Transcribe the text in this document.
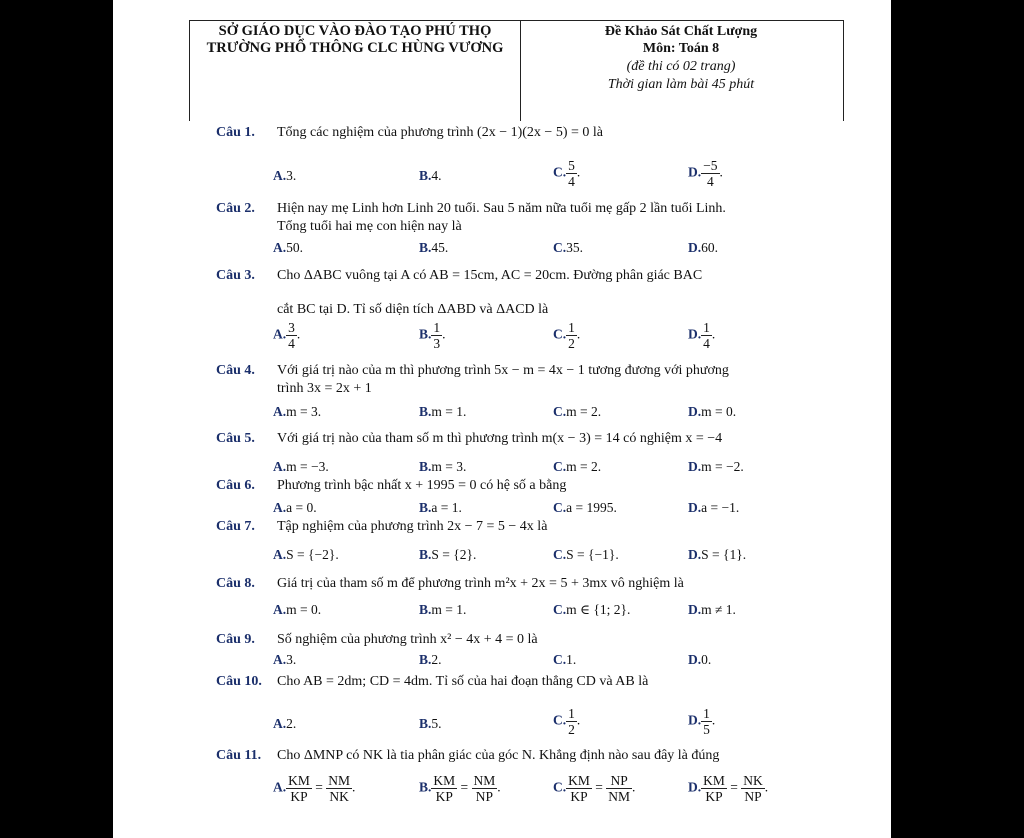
SỞ GIÁO DỤC VÀO ĐÀO TẠO PHÚ THỌ
TRƯỜNG PHỔ THÔNG CLC HÙNG VƯƠNG
Đề Khảo Sát Chất Lượng
Môn: Toán 8
(đề thi có 02 trang)
Thời gian làm bài 45 phút
Câu 1. Tổng các nghiệm của phương trình (2x − 1)(2x − 5) = 0 là
A.3.	B.4.	C. $\frac{5}{4}$ .	D. $\frac{-5}{4}$ .
Câu 2. Hiện nay mẹ Linh hơn Linh 20 tuổi. Sau 5 năm nữa tuổi mẹ gấp 2 lần tuổi Linh.
Tổng tuổi hai mẹ con hiện nay là
A.50.	B.45.	C.35.	D.60.
Câu 3. Cho ΔABC vuông tại A có AB = 15cm, AC = 20cm. Đường phân giác BAC
cắt BC tại D. Tỉ số diện tích ΔABD và ΔACD là
A. $\frac{3}{4}$ .	B. $\frac{1}{3}$ .	C. $\frac{1}{2}$ .	D. $\frac{1}{4}$ .
Câu 4. Với giá trị nào của m thì phương trình 5x − m = 4x − 1 tương đương với phương
trình 3x = 2x + 1
A.m = 3.	B.m = 1.	C.m = 2.	D.m = 0.
Câu 5. Với giá trị nào của tham số m thì phương trình m(x − 3) = 14 có nghiệm x = −4
A.m = −3.	B.m = 3.	C.m = 2.	D.m = −2.
Câu 6. Phương trình bậc nhất x + 1995 = 0 có hệ số a bằng
A.a = 0.	B.a = 1.	C.a = 1995.	D.a = −1.
Câu 7. Tập nghiệm của phương trình 2x − 7 = 5 − 4x là
A.S = {−2}.	B.S = {2}.	C.S = {−1}.	D.S = {1}.
Câu 8. Giá trị của tham số m để phương trình m²x + 2x = 5 + 3mx vô nghiệm là
A.m = 0.	B.m = 1.	C.m ∈ {1; 2}.	D.m ≠ 1.
Câu 9. Số nghiệm của phương trình x² − 4x + 4 = 0 là
A.3.	B.2.	C.1.	D.0.
Câu 10. Cho AB = 2dm; CD = 4dm. Tỉ số của hai đoạn thẳng CD và AB là
A.2.	B.5.	C. $\frac{1}{2}$ .	D. $\frac{1}{5}$ .
Câu 11. Cho ΔMNP có NK là tia phân giác của góc N. Khẳng định nào sau đây là đúng
A. $\frac{KM}{KP} = \frac{NM}{NK}$ .	B. $\frac{KM}{KP} = \frac{NM}{NP}$ .	C. $\frac{KM}{KP} = \frac{NP}{NM}$ .	D. $\frac{KM}{KP} = \frac{NK}{NP}$ .
